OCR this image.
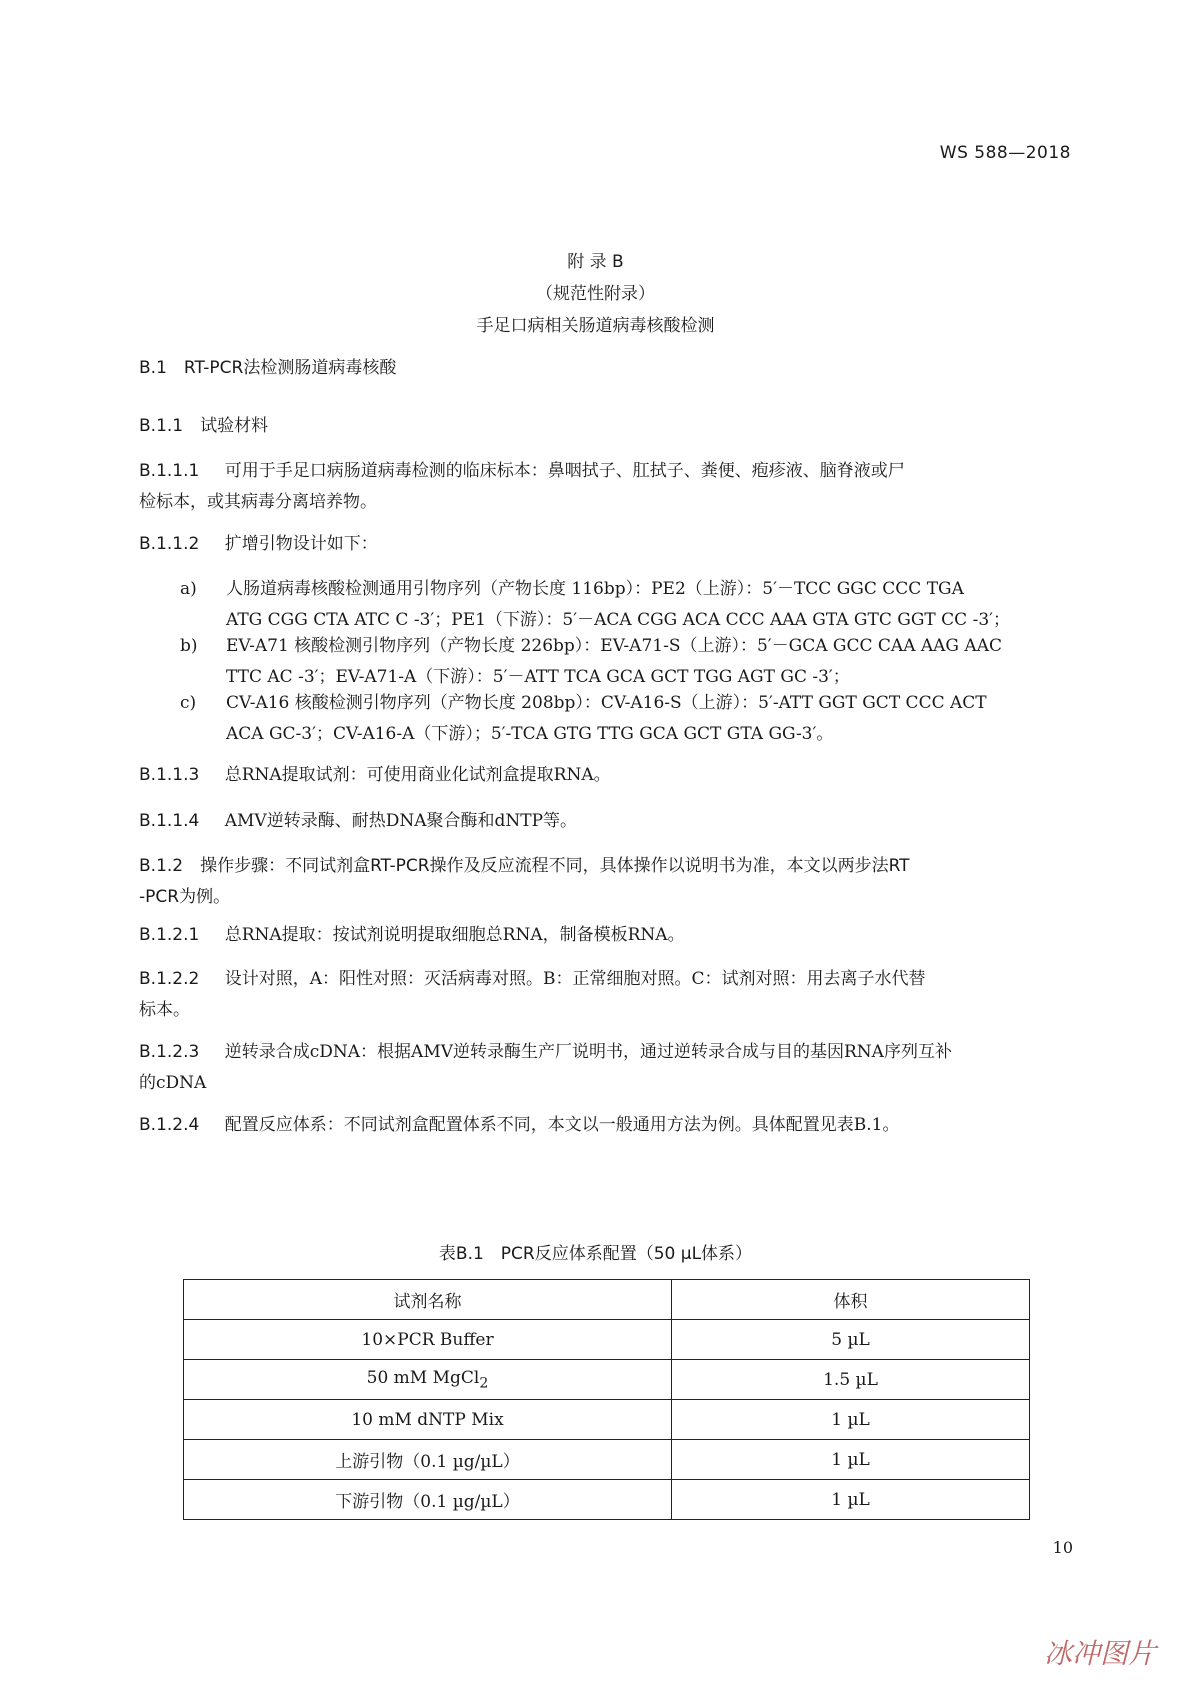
WS 588—2018
附 录 B
（规范性附录）
手足口病相关肠道病毒核酸检测
B.1　RT-PCR法检测肠道病毒核酸
B.1.1　试验材料
B.1.1.1 可用于手足口病肠道病毒检测的临床标本：鼻咽拭子、肛拭子、粪便、疱疹液、脑脊液或尸
检标本，或其病毒分离培养物。
B.1.1.2 扩增引物设计如下：
a) 人肠道病毒核酸检测通用引物序列（产物长度 116bp）：PE2（上游）：5′－TCC GGC CCC TGA
ATG CGG CTA ATC C -3′；PE1（下游）：5′－ACA CGG ACA CCC AAA GTA GTC GGT CC -3′；
b) EV-A71 核酸检测引物序列（产物长度 226bp）：EV-A71-S（上游）：5′－GCA GCC CAA AAG AAC
TTC AC -3′；EV-A71-A（下游）：5′－ATT TCA GCA GCT TGG AGT GC -3′；
c) CV-A16 核酸检测引物序列（产物长度 208bp）：CV-A16-S（上游）：5′-ATT GGT GCT CCC ACT
ACA GC-3′；CV-A16-A（下游）；5′-TCA GTG TTG GCA GCT GTA GG-3′。
B.1.1.3 总RNA提取试剂：可使用商业化试剂盒提取RNA。
B.1.1.4 AMV逆转录酶、耐热DNA聚合酶和dNTP等。
B.1.2　操作步骤：不同试剂盒RT-PCR操作及反应流程不同，具体操作以说明书为准，本文以两步法RT
-PCR为例。
B.1.2.1 总RNA提取：按试剂说明提取细胞总RNA，制备模板RNA。
B.1.2.2 设计对照，A：阳性对照：灭活病毒对照。B：正常细胞对照。C：试剂对照：用去离子水代替
标本。
B.1.2.3 逆转录合成cDNA：根据AMV逆转录酶生产厂说明书，通过逆转录合成与目的基因RNA序列互补
的cDNA
B.1.2.4 配置反应体系：不同试剂盒配置体系不同，本文以一般通用方法为例。具体配置见表B.1。
表B.1　PCR反应体系配置（50 µL体系）
试剂名称	体积
10×PCR Buffer	5 µL
50 mM MgCl$_2$	1.5 µL
10 mM dNTP Mix	1 µL
上游引物（0.1 µg/µL）	1 µL
下游引物（0.1 µg/µL）	1 µL
10
冰冲图片
